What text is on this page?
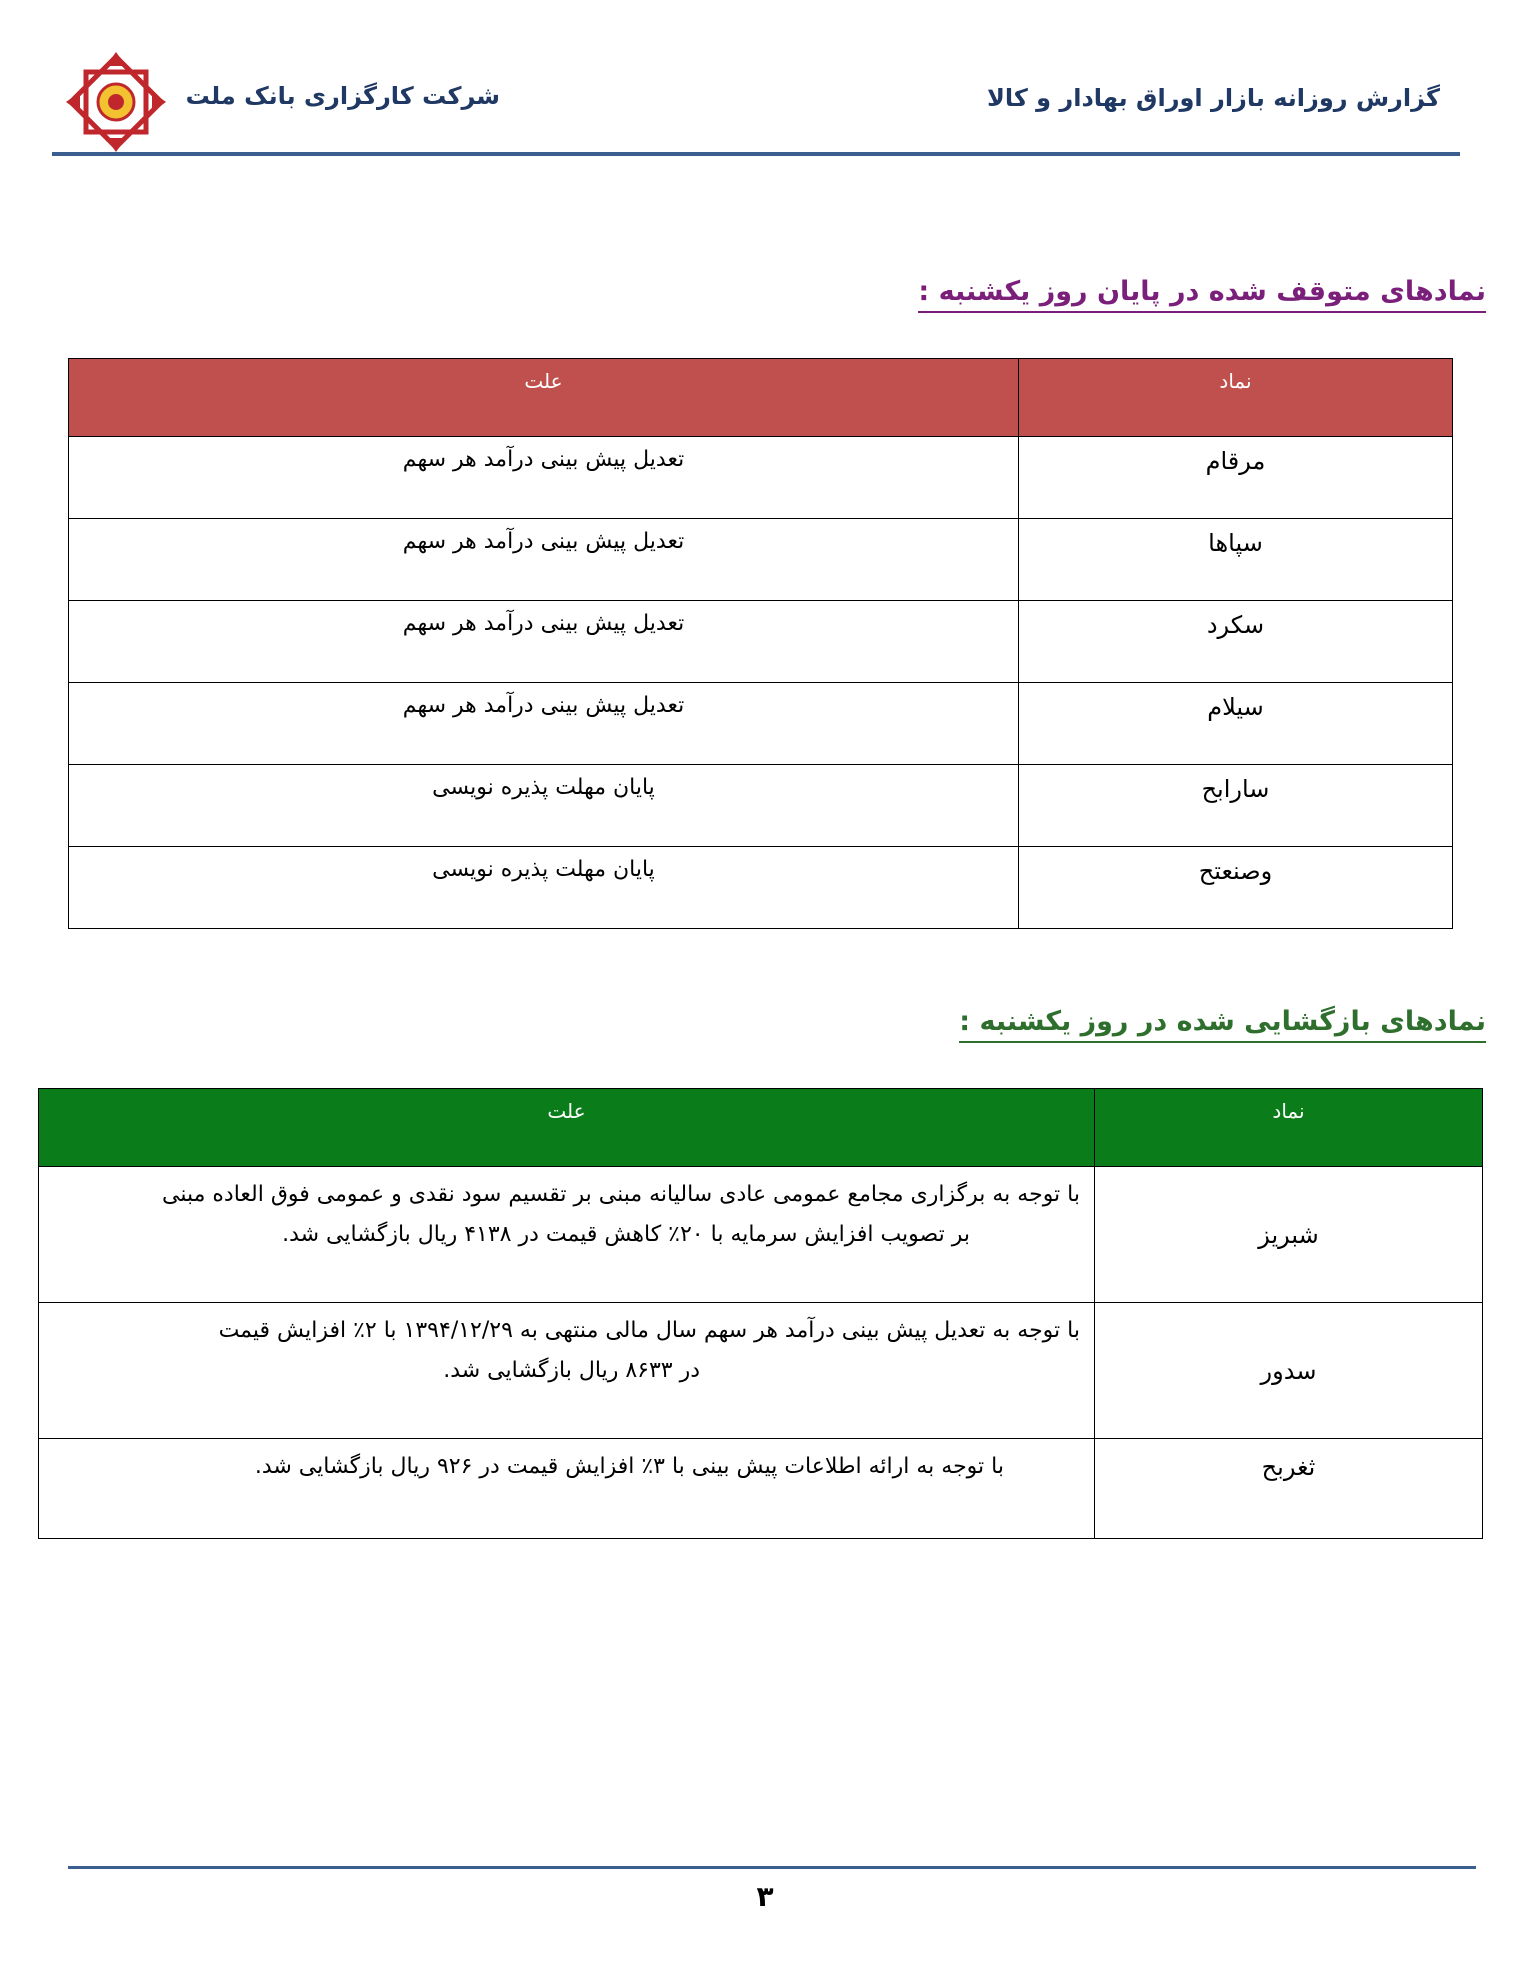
شرکت کارگزاری بانک ملت	گزارش روزانه بازار اوراق بهادار و کالا
نمادهای متوقف شده در پایان روز یکشنبه :
نماد	علت
مرقام	تعدیل پیش بینی درآمد هر سهم
سپاها	تعدیل پیش بینی درآمد هر سهم
سکرد	تعدیل پیش بینی درآمد هر سهم
سیلام	تعدیل پیش بینی درآمد هر سهم
سارابح	پایان مهلت پذیره نویسی
وصنعتح	پایان مهلت پذیره نویسی
نمادهای بازگشایی شده در روز یکشنبه :
نماد	علت
شبریز	با توجه به برگزاری مجامع عمومی عادی سالیانه مبنی بر تقسیم سود نقدی و عمومی فوق العاده مبنی
بر تصویب افزایش سرمایه با ۲۰٪ کاهش قیمت در ۴۱۳۸ ریال بازگشایی شد.

سدور	با توجه به تعدیل پیش بینی درآمد هر سهم سال مالی منتهی به ۱۳۹۴/۱۲/۲۹ با ۲٪ افزایش قیمت
در ۸۶۳۳ ریال بازگشایی شد.

ثغربح	با توجه به ارائه اطلاعات پیش بینی با ۳٪ افزایش قیمت در ۹۲۶ ریال بازگشایی شد.
۳
